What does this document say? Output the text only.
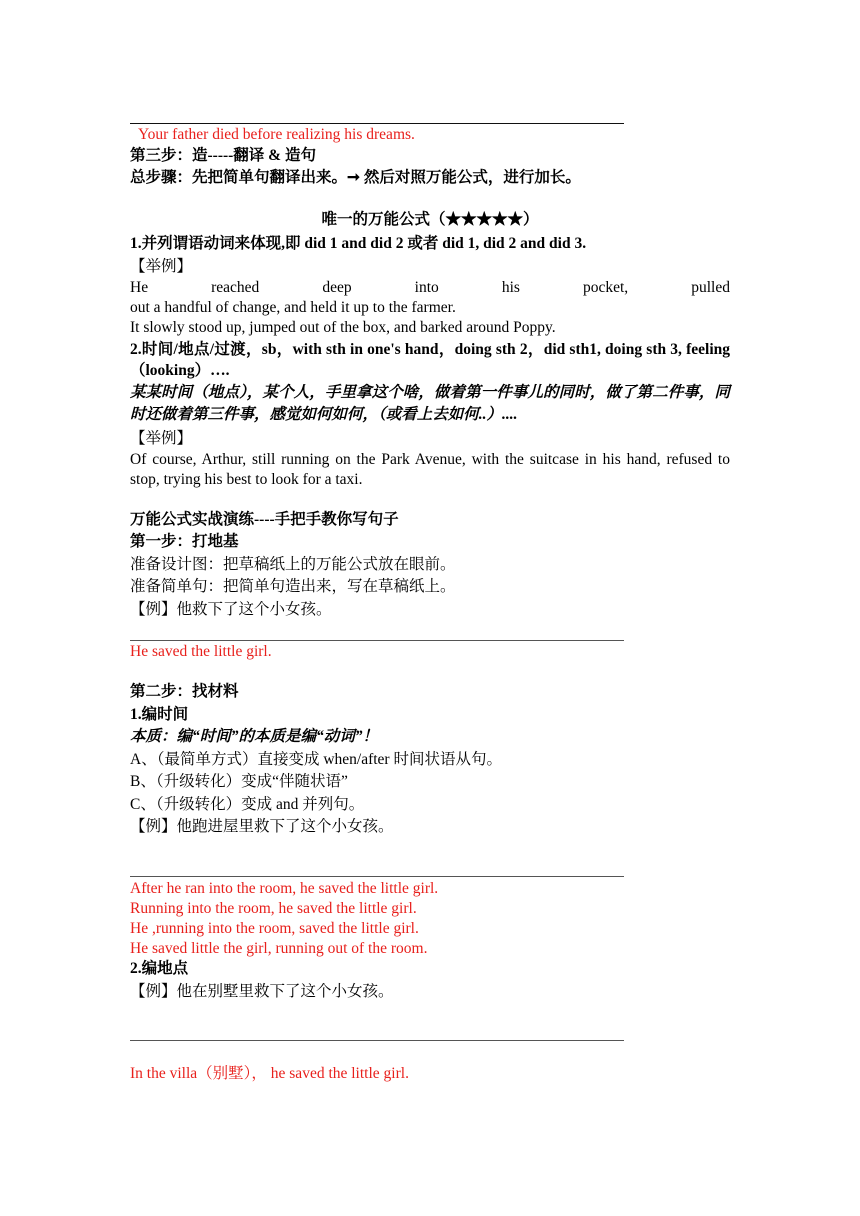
Your father died before realizing his dreams.
第三步：造-----翻译 & 造句
总步骤：先把简单句翻译出来。➞ 然后对照万能公式，进行加长。
唯一的万能公式（★★★★★）
1.并列谓语动词来体现,即 did 1 and did 2 或者 did 1, did 2 and did 3.
【举例】
He	reached	deep	into	his	pocket,	pulled
out a handful of change, and held it up to the farmer.
It slowly stood up, jumped out of the box, and barked around Poppy.
2.时间/地点/过渡，sb，with sth in one's hand，doing sth 2，did sth1, doing sth 3, feeling（looking）….
某某时间（地点），某个人，手里拿这个啥，做着第一件事儿的同时，做了第二件事，同时还做着第三件事，感觉如何如何，（或看上去如何..）....
【举例】
Of course, Arthur, still running on the Park Avenue, with the suitcase in his hand, refused to stop, trying his best to look for a taxi.
万能公式实战演练----手把手教你写句子
第一步：打地基
准备设计图：把草稿纸上的万能公式放在眼前。
准备简单句：把简单句造出来，写在草稿纸上。
【例】他救下了这个小女孩。
He saved the little girl.
第二步：找材料
1.编时间
本质：编“时间”的本质是编“动词”！
A、（最简单方式）直接变成 when/after 时间状语从句。
B、（升级转化）变成“伴随状语”
C、（升级转化）变成 and 并列句。
【例】他跑进屋里救下了这个小女孩。
After he ran into the room, he saved the little girl.
Running into the room, he saved the little girl.
He ,running into the room, saved the little girl.
He saved little the girl, running out of the room.
2.编地点
【例】他在别墅里救下了这个小女孩。
In the villa（别墅）， he saved the little girl.
